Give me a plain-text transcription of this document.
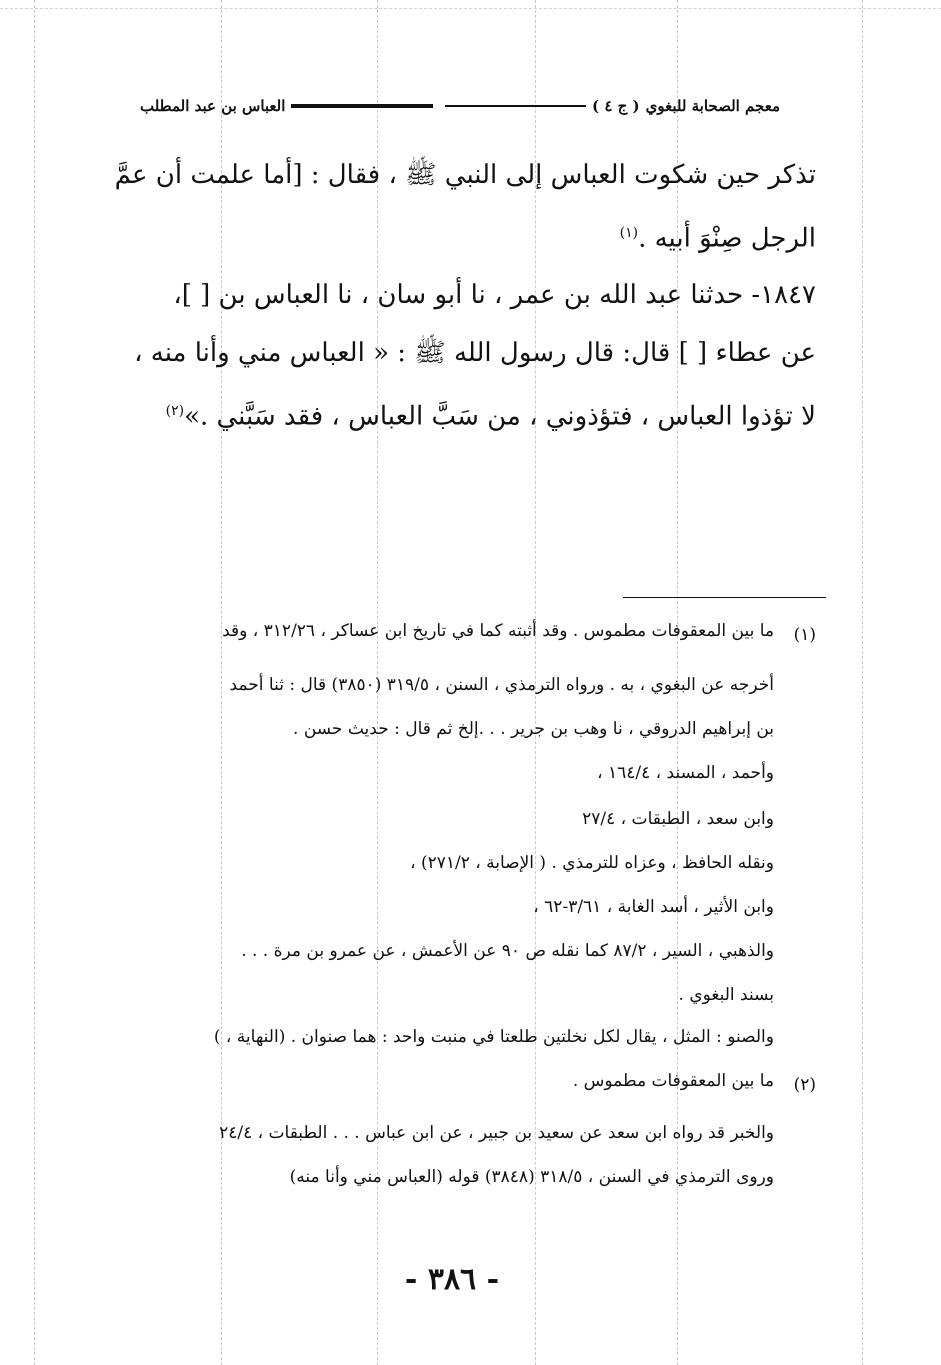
معجم الصحابة للبغوي
( ج ٤ )
العباس بن عبد المطلب

تذكر حين شكوت العباس إلى النبي ﷺ ، فقال : [أما علمت أن عمَّ

الرجل صِنْوَ أبيه .$^{(١)}$

١٨٤٧- حدثنا عبد الله بن عمر ، نا أبو سان ، نا العباس بن [ ]،

عن عطاء [ ] قال: قال رسول الله ﷺ : « العباس مني وأنا منه ،

لا تؤذوا العباس ، فتؤذوني ، من سَبَّ العباس ، فقد سَبَّني .»$^{(٢)}$

(١)
ما بين المعقوفات مطموس . وقد أثبته كما في تاريخ ابن عساكر ، ٣١٢/٢٦ ، وقد
أخرجه عن البغوي ، به . ورواه الترمذي ، السنن ، ٣١٩/٥ (٣٨٥٠) قال : ثنا أحمد
بن إبراهيم الدروقي ، نا وهب بن جرير . . .إلخ ثم قال : حديث حسن .
وأحمد ، المسند ، ١٦٤/٤ ،
وابن سعد ، الطبقات ، ٢٧/٤
ونقله الحافظ ، وعزاه للترمذي . ( الإصابة ، ٢٧١/٢) ،
وابن الأثير ، أسد الغابة ، ٣/٦١-٦٢ ،
والذهبي ، السير ، ٨٧/٢ كما نقله ص ٩٠ عن الأعمش ، عن عمرو بن مرة . . .
بسند البغوي .
والصنو : المثل ، يقال لكل نخلتين طلعتا في منبت واحد : هما صنوان . (النهاية ، )
(٢)
ما بين المعقوفات مطموس .
والخبر قد رواه ابن سعد عن سعيد بن جبير ، عن ابن عباس . . . الطبقات ، ٢٤/٤
وروى الترمذي في السنن ، ٣١٨/٥ (٣٨٤٨) قوله (العباس مني وأنا منه)
- ٣٨٦ -
